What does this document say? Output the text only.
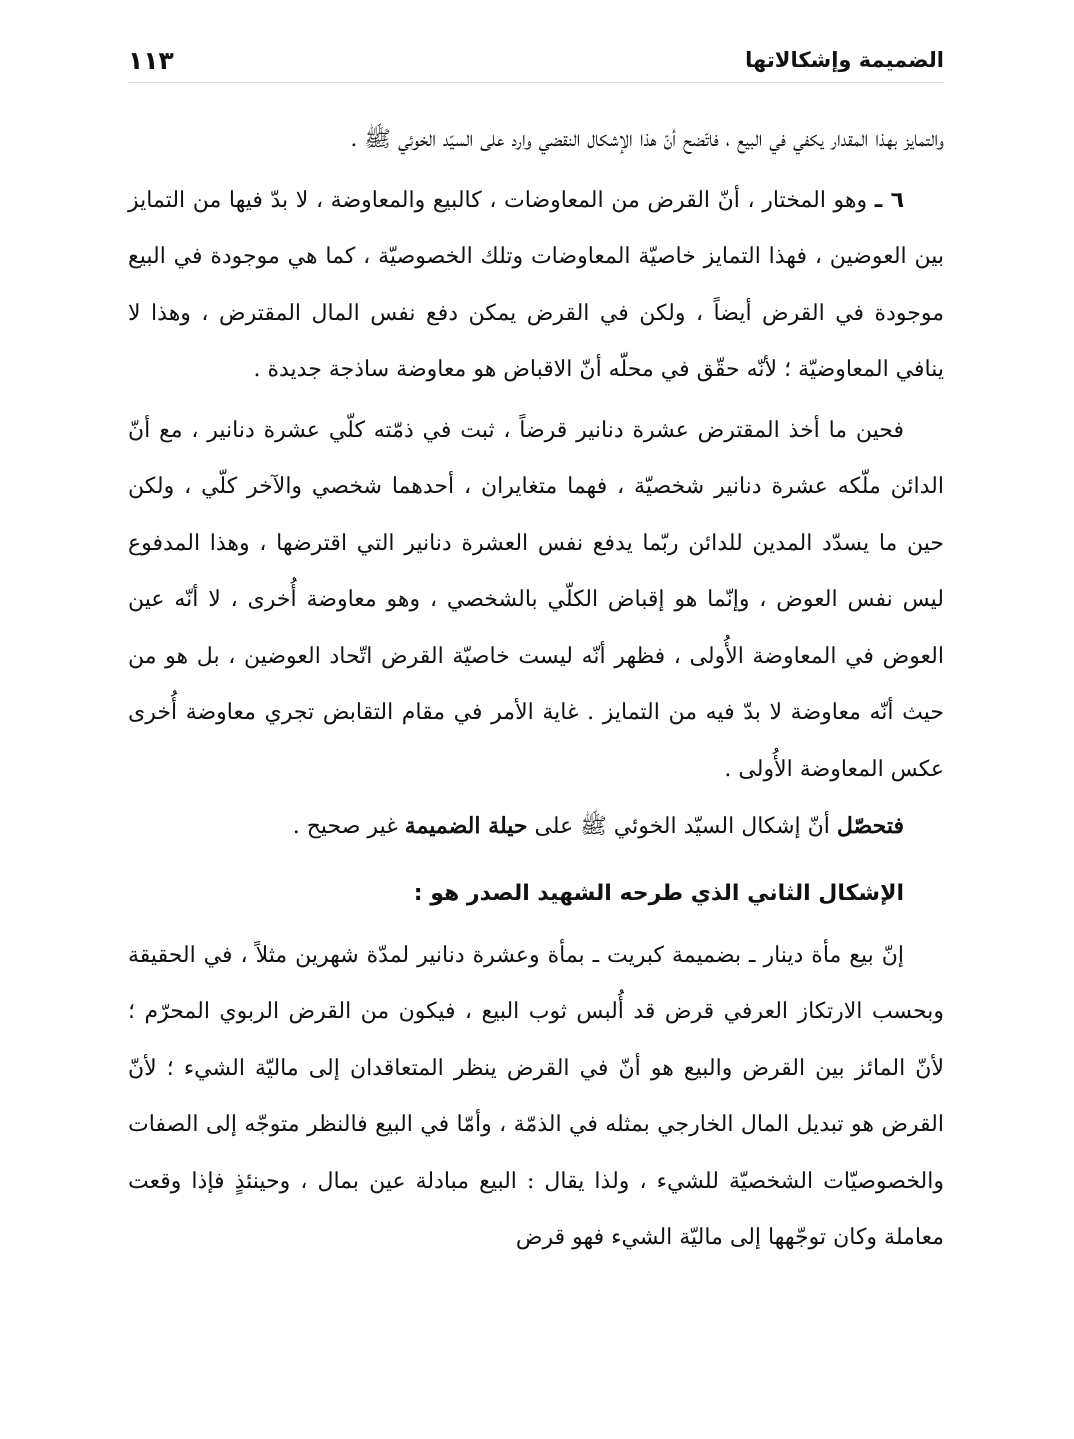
الضميمة وإشكالاتها
١١٣

والتمايز بهذا المقدار يكفي في البيع ، فاتّضح أنّ هذا الإشكال النقضي وارد على السيّد الخوئي ﷺ .

٦ ـ وهو المختار ، أنّ القرض من المعاوضات ، كالبيع والمعاوضة ، لا بدّ فيها من التمايز بين العوضين ، فهذا التمايز خاصيّة المعاوضات وتلك الخصوصيّة ، كما هي موجودة في البيع موجودة في القرض أيضاً ، ولكن في القرض يمكن دفع نفس المال المقترض ، وهذا لا ينافي المعاوضيّة ؛ لأنّه حقّق في محلّه أنّ الاقباض هو معاوضة ساذجة جديدة .

فحين ما أخذ المقترض عشرة دنانير قرضاً ، ثبت في ذمّته كلّي عشرة دنانير ، مع أنّ الدائن ملّكه عشرة دنانير شخصيّة ، فهما متغايران ، أحدهما شخصي والآخر كلّي ، ولكن حين ما يسدّد المدين للدائن ربّما يدفع نفس العشرة دنانير التي اقترضها ، وهذا المدفوع ليس نفس العوض ، وإنّما هو إقباض الكلّي بالشخصي ، وهو معاوضة أُخرى ، لا أنّه عين العوض في المعاوضة الأُولى ، فظهر أنّه ليست خاصيّة القرض اتّحاد العوضين ، بل هو من حيث أنّه معاوضة لا بدّ فيه من التمايز . غاية الأمر في مقام التقابض تجري معاوضة أُخرى عكس المعاوضة الأُولى .

فتحصّل أنّ إشكال السيّد الخوئي ﷺ على حيلة الضميمة غير صحيح .

الإشكال الثاني الذي طرحه الشهيد الصدر هو :

إنّ بيع مأة دينار ـ بضميمة كبريت ـ بمأة وعشرة دنانير لمدّة شهرين مثلاً ، في الحقيقة وبحسب الارتكاز العرفي قرض قد أُلبس ثوب البيع ، فيكون من القرض الربوي المحرّم ؛ لأنّ المائز بين القرض والبيع هو أنّ في القرض ينظر المتعاقدان إلى ماليّة الشيء ؛ لأنّ القرض هو تبديل المال الخارجي بمثله في الذمّة ، وأمّا في البيع فالنظر متوجّه إلى الصفات والخصوصيّات الشخصيّة للشيء ، ولذا يقال : البيع مبادلة عين بمال ، وحينئذٍ فإذا وقعت معاملة وكان توجّهها إلى ماليّة الشيء فهو قرض
